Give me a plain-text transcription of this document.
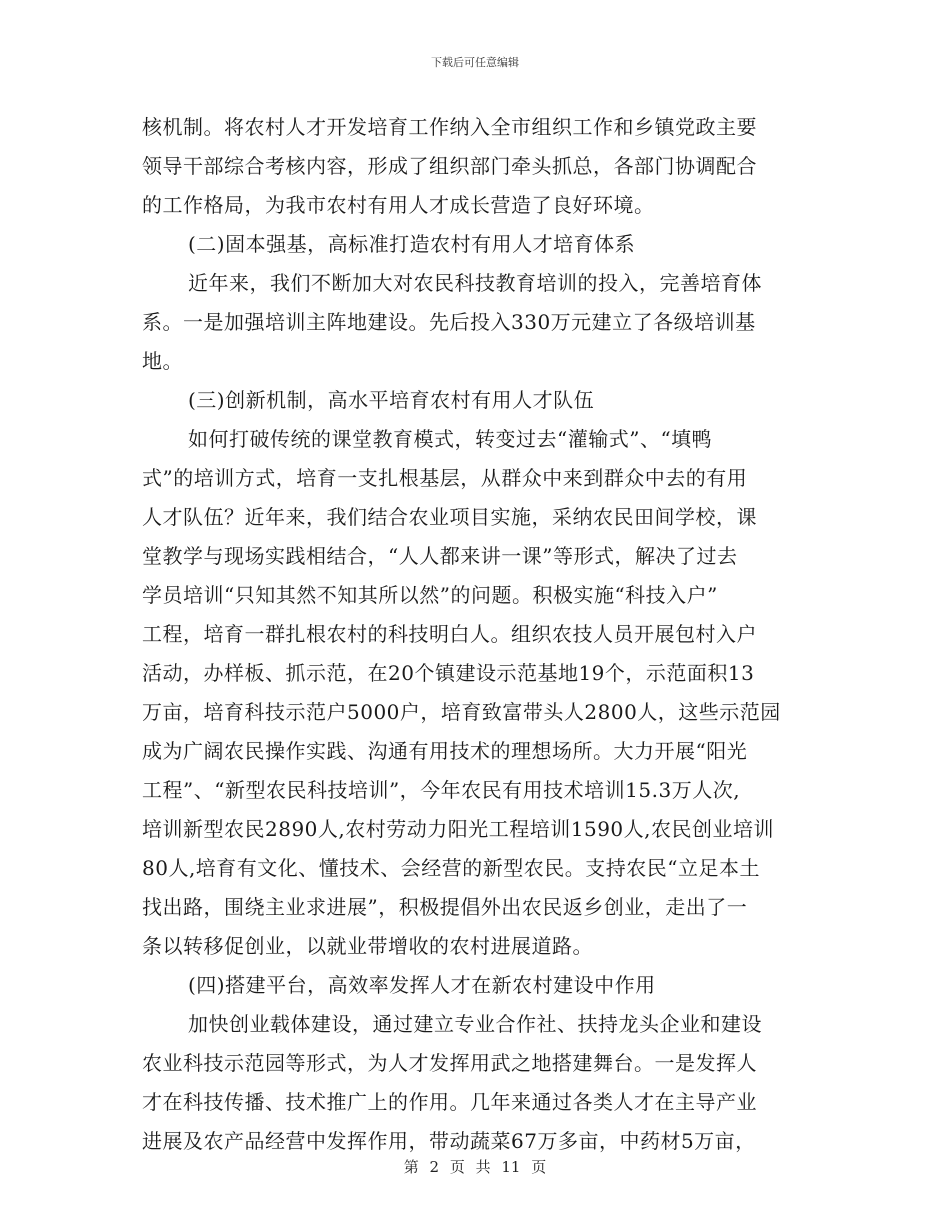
下载后可任意编辑
核机制。将农村人才开发培育工作纳入全市组织工作和乡镇党政主要
领导干部综合考核内容，形成了组织部门牵头抓总，各部门协调配合
的工作格局，为我市农村有用人才成长营造了良好环境。
(二)固本强基，高标准打造农村有用人才培育体系
近年来，我们不断加大对农民科技教育培训的投入，完善培育体
系。一是加强培训主阵地建设。先后投入330万元建立了各级培训基
地。
(三)创新机制，高水平培育农村有用人才队伍
如何打破传统的课堂教育模式，转变过去“灌输式”、“填鸭
式”的培训方式，培育一支扎根基层，从群众中来到群众中去的有用
人才队伍？近年来，我们结合农业项目实施，采纳农民田间学校，课
堂教学与现场实践相结合，“人人都来讲一课”等形式，解决了过去
学员培训“只知其然不知其所以然”的问题。积极实施“科技入户”
工程，培育一群扎根农村的科技明白人。组织农技人员开展包村入户
活动，办样板、抓示范，在20个镇建设示范基地19个，示范面积13
万亩，培育科技示范户5000户，培育致富带头人2800人，这些示范园
成为广阔农民操作实践、沟通有用技术的理想场所。大力开展“阳光
工程”、“新型农民科技培训”，今年农民有用技术培训15.3万人次,
培训新型农民2890人,农村劳动力阳光工程培训1590人,农民创业培训
80人,培育有文化、懂技术、会经营的新型农民。支持农民“立足本土
找出路，围绕主业求进展”，积极提倡外出农民返乡创业，走出了一
条以转移促创业，以就业带增收的农村进展道路。
(四)搭建平台，高效率发挥人才在新农村建设中作用
加快创业载体建设，通过建立专业合作社、扶持龙头企业和建设
农业科技示范园等形式，为人才发挥用武之地搭建舞台。一是发挥人
才在科技传播、技术推广上的作用。几年来通过各类人才在主导产业
进展及农产品经营中发挥作用，带动蔬菜67万多亩，中药材5万亩，
第 2 页 共 11 页
